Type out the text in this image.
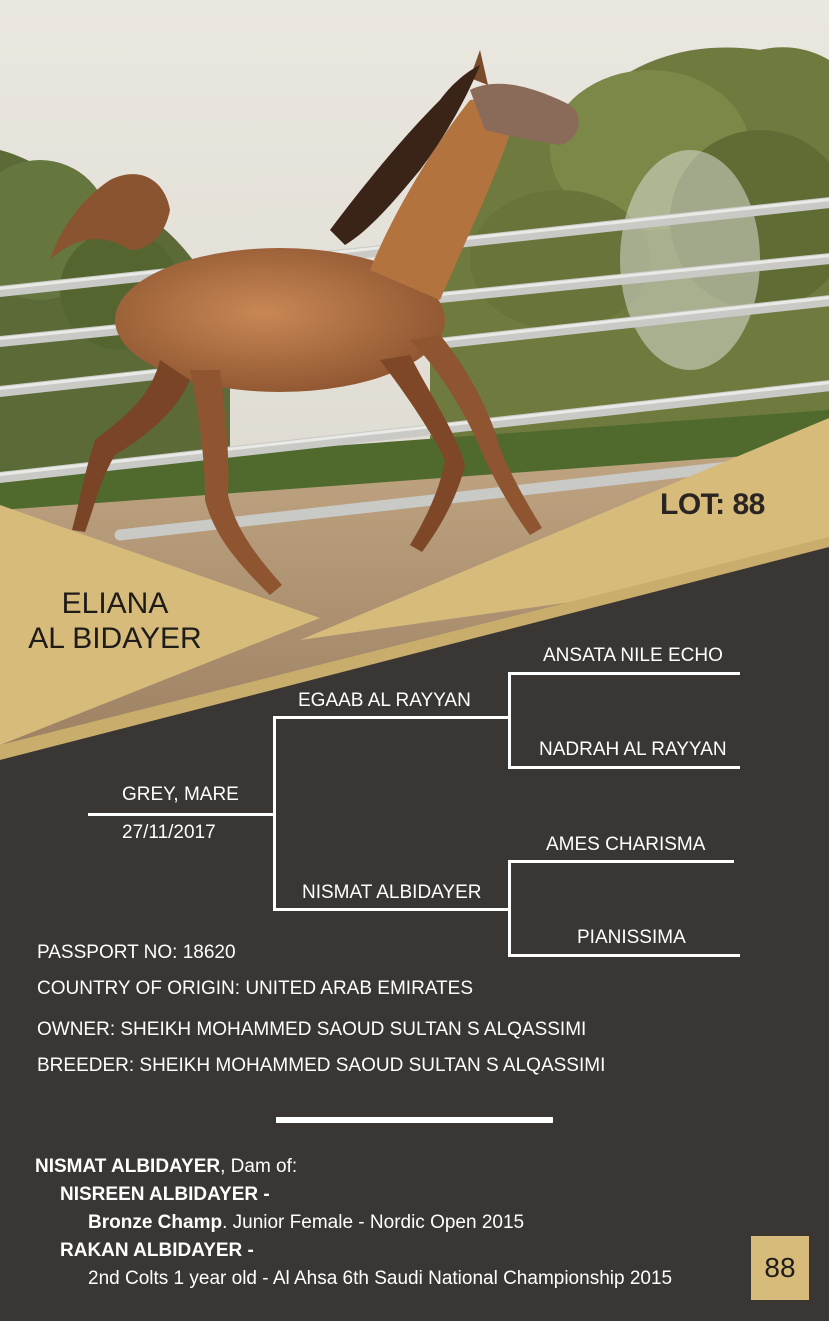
LOT: 88
ELIANA
AL BIDAYER
GREY, MARE
27/11/2017
EGAAB AL RAYYAN
ANSATA NILE ECHO
NADRAH AL RAYYAN
NISMAT ALBIDAYER
AMES CHARISMA
PIANISSIMA
PASSPORT NO: 18620
COUNTRY OF ORIGIN: UNITED ARAB EMIRATES
OWNER: SHEIKH MOHAMMED SAOUD SULTAN S ALQASSIMI
BREEDER: SHEIKH MOHAMMED SAOUD SULTAN S ALQASSIMI
NISMAT ALBIDAYER, Dam of:
NISREEN ALBIDAYER -
Bronze Champ. Junior Female - Nordic Open 2015
RAKAN ALBIDAYER -
2nd Colts 1 year old - Al Ahsa 6th Saudi National Championship 2015	88
